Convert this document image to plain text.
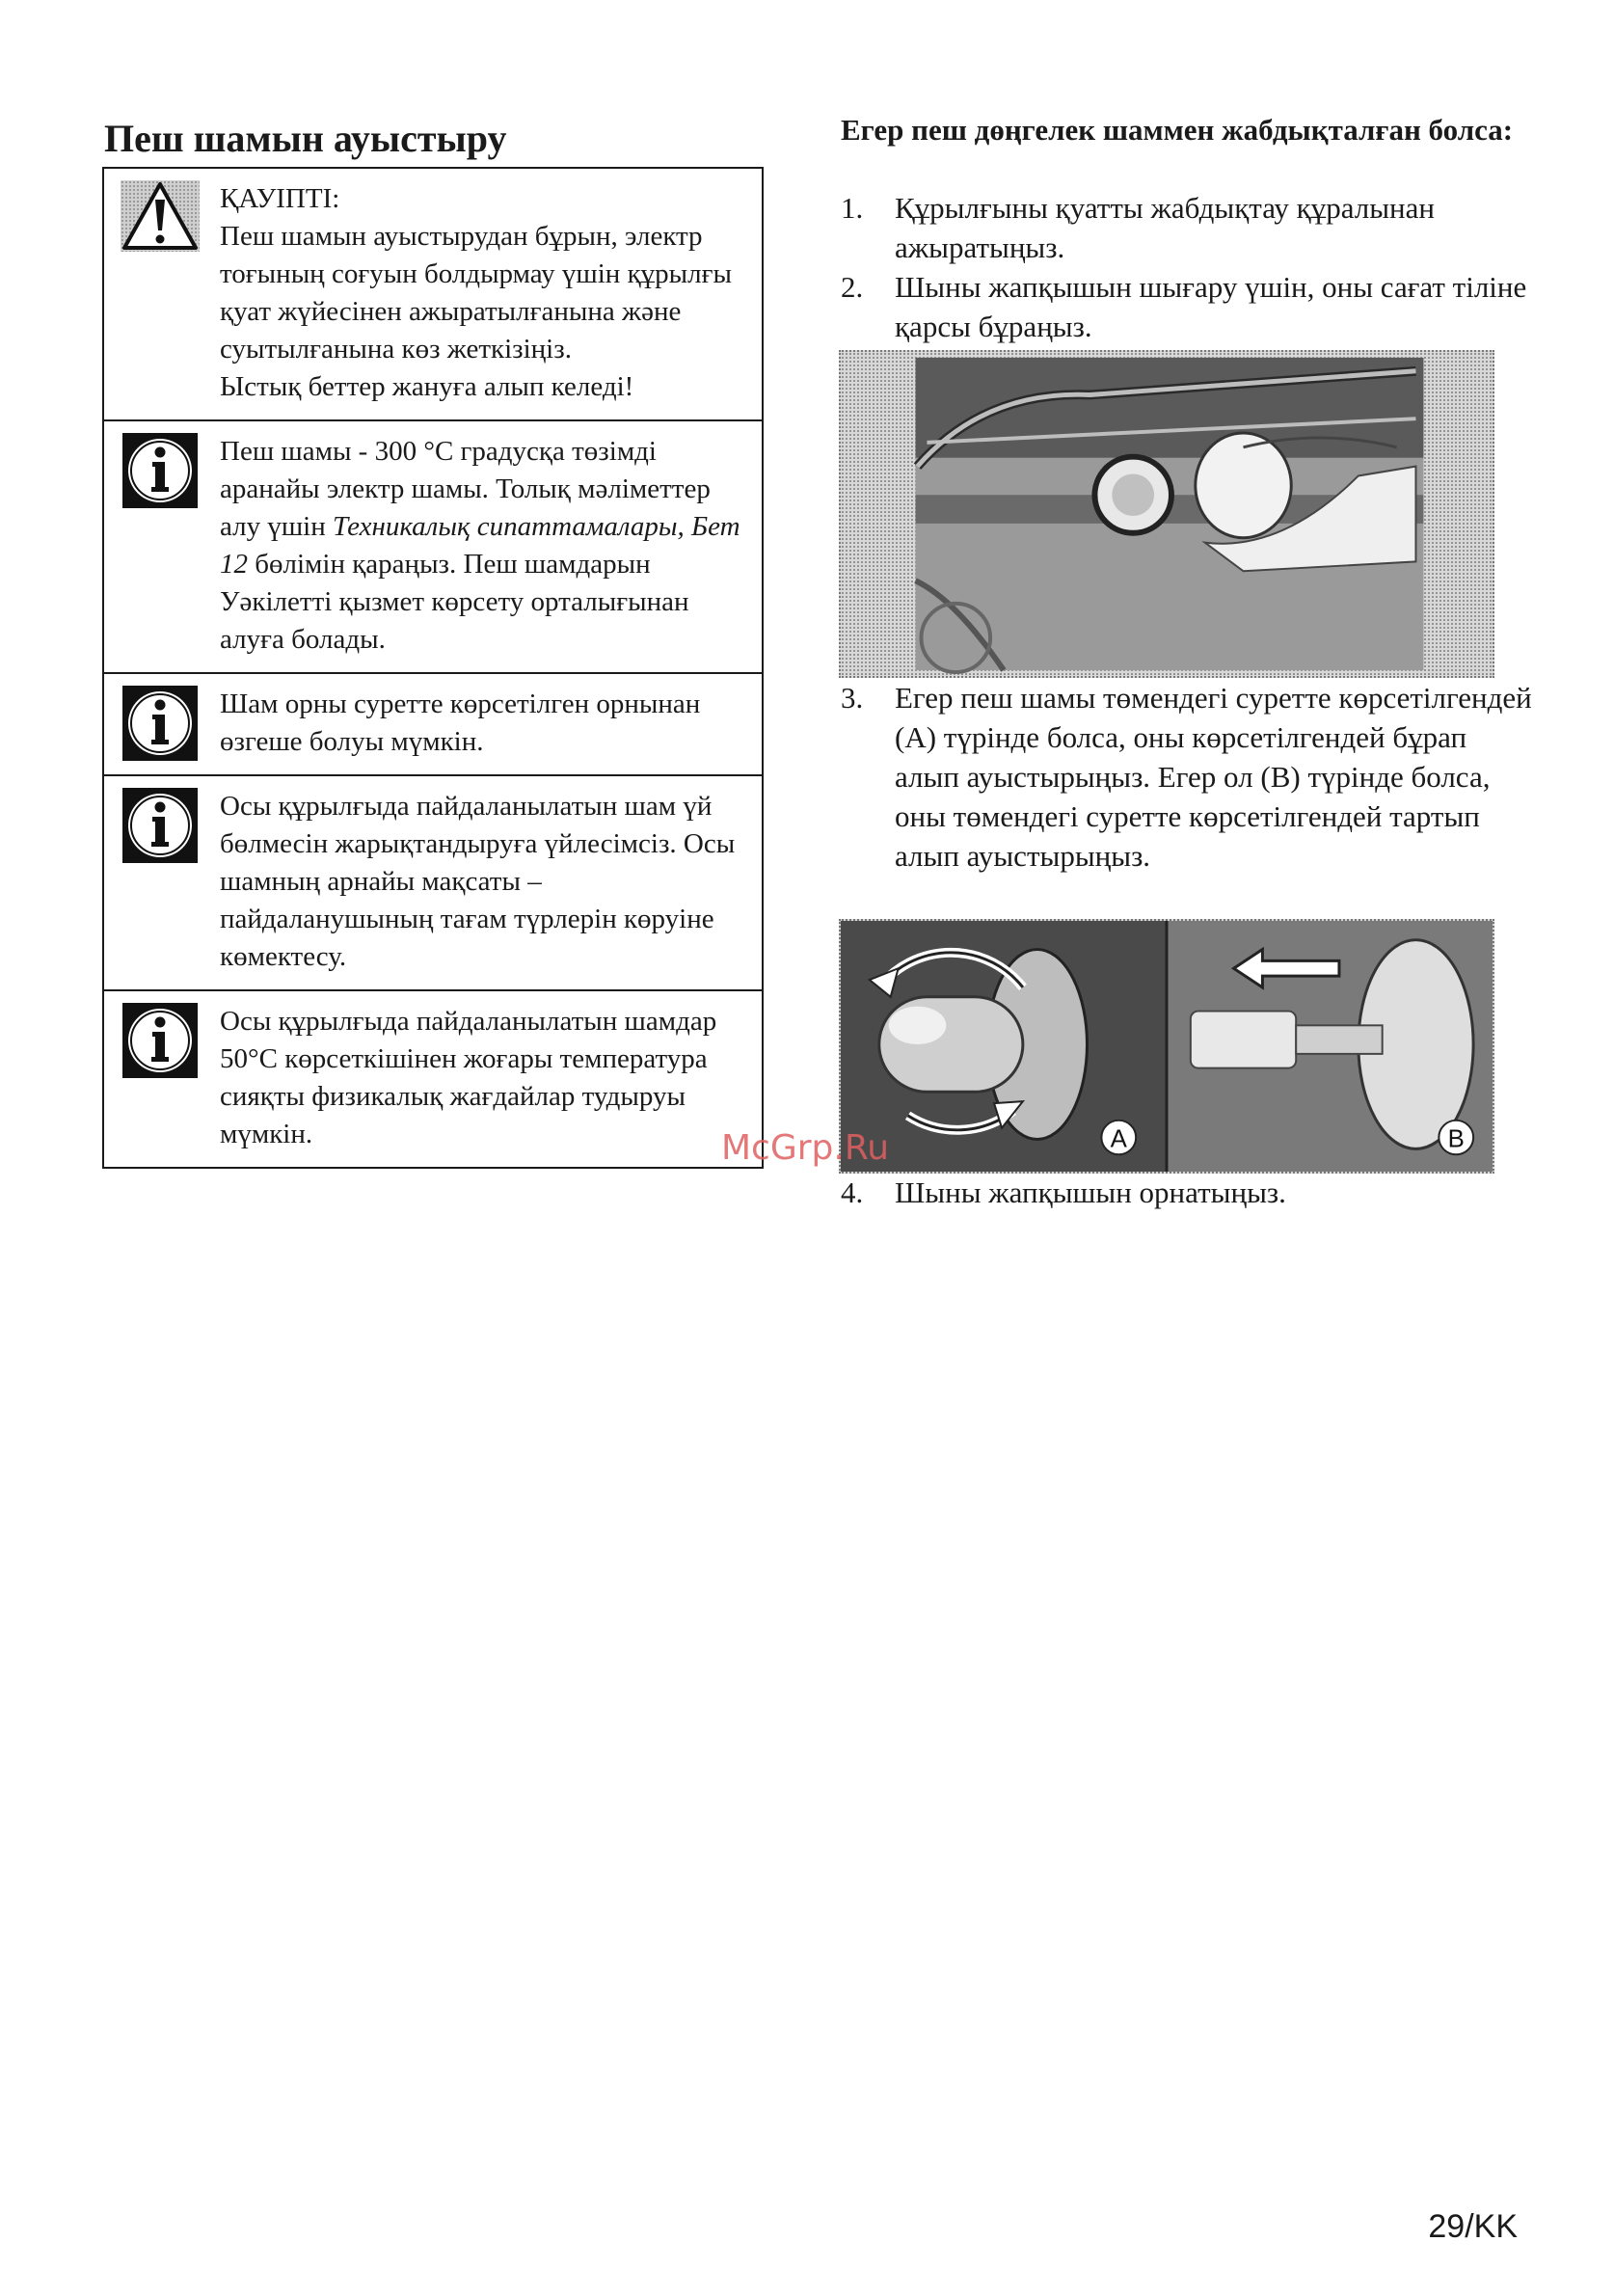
Пеш шамын ауыстыру

ҚАУІПТІ:

Пеш шамын ауыстырудан бұрын, электр тоғының соғуын болдырмау үшін құрылғы қуат жүйесінен ажыратылғанына және суытылғанына көз жеткізіңіз.

Ыстық беттер жануға алып келеді!

Пеш шамы - 300 °С градусқа төзімді аранайы электр шамы. Толық мәліметтер алу үшін Техникалық сипаттамалары, Бет 12 бөлімін қараңыз. Пеш шамдарын Уәкілетті қызмет көрсету орталығынан алуға болады.

Шам орны суретте көрсетілген орнынан өзгеше болуы мүмкін.

Осы құрылғыда пайдаланылатын шам үй бөлмесін жарықтандыруға үйлесімсіз. Осы шамның арнайы мақсаты – пайдаланушының тағам түрлерін көруіне көмектесу.

Осы құрылғыда пайдаланылатын шамдар 50°С көрсеткішінен жоғары температура сияқты физикалық жағдайлар тудыруы мүмкін.

Егер пеш дөңгелек шаммен жабдықталған болса:
1.	Құрылғыны қуатты жабдықтау құралынан ажыратыңыз.
2.	Шыны жапқышын шығару үшін, оны сағат тіліне қарсы бұраңыз.
3.	Егер пеш шамы төмендегі суретте көрсетілгендей (А) түрінде болса, оны көрсетілгендей бұрап алып ауыстырыңыз. Егер ол (В) түрінде болса, оны төмендегі суретте көрсетілгендей тартып алып ауыстырыңыз.
A	B
4.	Шыны жапқышын орнатыңыз.
McGrp.Ru
29/KK
